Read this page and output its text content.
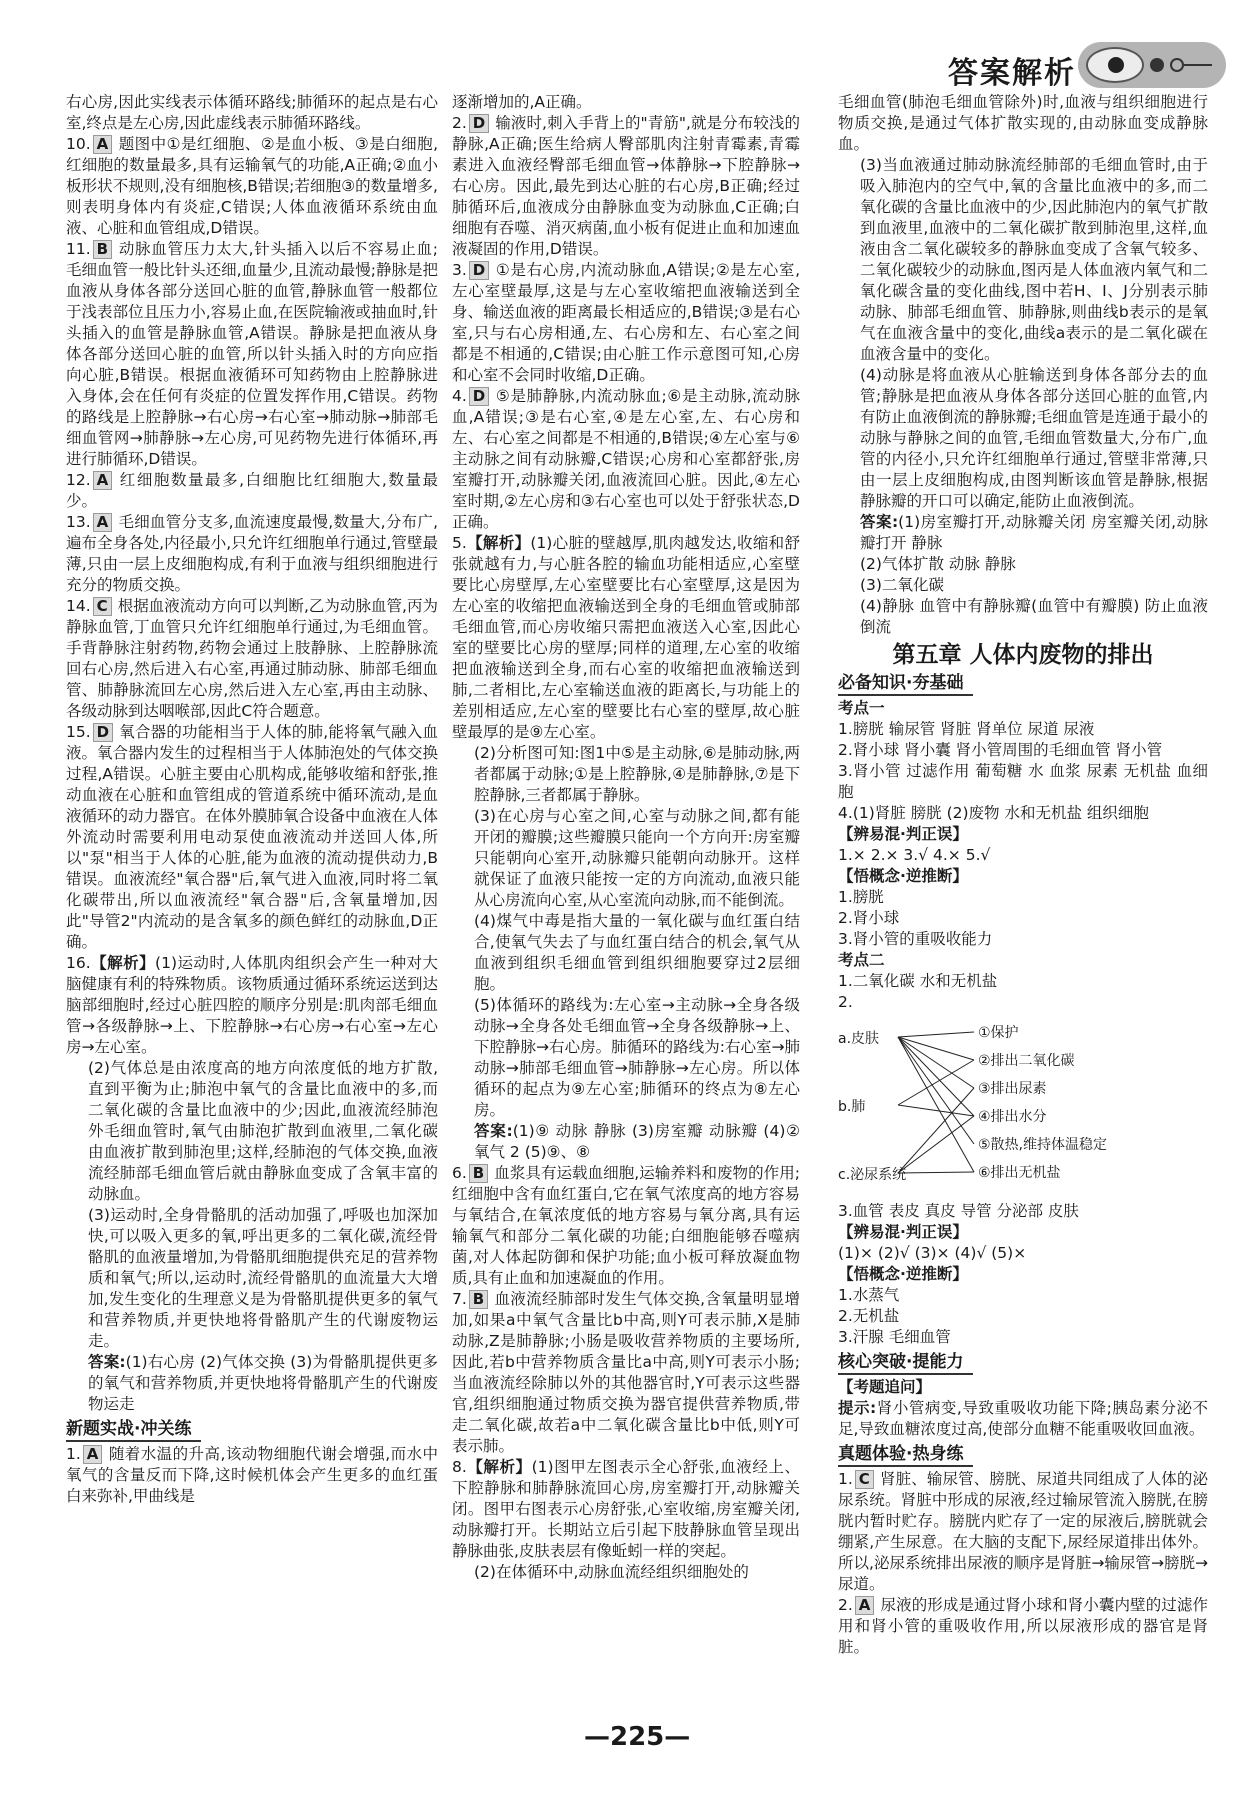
答案解析
右心房,因此实线表示体循环路线;肺循环的起点是右心室,终点是左心房,因此虚线表示肺循环路线。
10. A 题图中①是红细胞、②是血小板、③是白细胞,红细胞的数量最多,具有运输氧气的功能,A正确;②血小板形状不规则,没有细胞核,B错误;若细胞③的数量增多,则表明身体内有炎症,C错误;人体血液循环系统由血液、心脏和血管组成,D错误。
11. B 动脉血管压力太大,针头插入以后不容易止血;毛细血管一般比针头还细,血量少,且流动最慢;静脉是把血液从身体各部分送回心脏的血管,静脉血管一般都位于浅表部位且压力小,容易止血,在医院输液或抽血时,针头插入的血管是静脉血管,A错误。静脉是把血液从身体各部分送回心脏的血管,所以针头插入时的方向应指向心脏,B错误。根据血液循环可知药物由上腔静脉进入身体,会在任何有炎症的位置发挥作用,C错误。药物的路线是上腔静脉→右心房→右心室→肺动脉→肺部毛细血管网→肺静脉→左心房,可见药物先进行体循环,再进行肺循环,D错误。
12. A 红细胞数量最多,白细胞比红细胞大,数量最少。
13. A 毛细血管分支多,血流速度最慢,数量大,分布广,遍布全身各处,内径最小,只允许红细胞单行通过,管壁最薄,只由一层上皮细胞构成,有利于血液与组织细胞进行充分的物质交换。
14. C 根据血液流动方向可以判断,乙为动脉血管,丙为静脉血管,丁血管只允许红细胞单行通过,为毛细血管。手背静脉注射药物,药物会通过上肢静脉、上腔静脉流回右心房,然后进入右心室,再通过肺动脉、肺部毛细血管、肺静脉流回左心房,然后进入左心室,再由主动脉、各级动脉到达咽喉部,因此C符合题意。
15. D 氧合器的功能相当于人体的肺,能将氧气融入血液。氧合器内发生的过程相当于人体肺泡处的气体交换过程,A错误。心脏主要由心肌构成,能够收缩和舒张,推动血液在心脏和血管组成的管道系统中循环流动,是血液循环的动力器官。在体外膜肺氧合设备中血液在人体外流动时需要利用电动泵使血液流动并送回人体,所以"泵"相当于人体的心脏,能为血液的流动提供动力,B错误。血液流经"氧合器"后,氧气进入血液,同时将二氧化碳带出,所以血液流经"氧合器"后,含氧量增加,因此"导管2"内流动的是含氧多的颜色鲜红的动脉血,D正确。
16.【解析】(1)运动时,人体肌肉组织会产生一种对大脑健康有利的特殊物质。该物质通过循环系统运送到达脑部细胞时,经过心脏四腔的顺序分别是:肌肉部毛细血管→各级静脉→上、下腔静脉→右心房→右心室→左心房→左心室。
(2)气体总是由浓度高的地方向浓度低的地方扩散,直到平衡为止;肺泡中氧气的含量比血液中的多,而二氧化碳的含量比血液中的少;因此,血液流经肺泡外毛细血管时,氧气由肺泡扩散到血液里,二氧化碳由血液扩散到肺泡里;这样,经肺泡的气体交换,血液流经肺部毛细血管后就由静脉血变成了含氧丰富的动脉血。
(3)运动时,全身骨骼肌的活动加强了,呼吸也加深加快,可以吸入更多的氧,呼出更多的二氧化碳,流经骨骼肌的血液量增加,为骨骼肌细胞提供充足的营养物质和氧气;所以,运动时,流经骨骼肌的血流量大大增加,发生变化的生理意义是为骨骼肌提供更多的氧气和营养物质,并更快地将骨骼肌产生的代谢废物运走。
答案:(1)右心房 (2)气体交换 (3)为骨骼肌提供更多的氧气和营养物质,并更快地将骨骼肌产生的代谢废物运走
新题实战·冲关练
1. A 随着水温的升高,该动物细胞代谢会增强,而水中氧气的含量反而下降,这时候机体会产生更多的血红蛋白来弥补,甲曲线是
逐渐增加的,A正确。
2. D 输液时,刺入手背上的"青筋",就是分布较浅的静脉,A正确;医生给病人臀部肌肉注射青霉素,青霉素进入血液经臀部毛细血管→体静脉→下腔静脉→右心房。因此,最先到达心脏的右心房,B正确;经过肺循环后,血液成分由静脉血变为动脉血,C正确;白细胞有吞噬、消灭病菌,血小板有促进止血和加速血液凝固的作用,D错误。
3. D ①是右心房,内流动脉血,A错误;②是左心室,左心室壁最厚,这是与左心室收缩把血液输送到全身、输送血液的距离最长相适应的,B错误;③是右心室,只与右心房相通,左、右心房和左、右心室之间都是不相通的,C错误;由心脏工作示意图可知,心房和心室不会同时收缩,D正确。
4. D ⑤是肺静脉,内流动脉血;⑥是主动脉,流动脉血,A错误;③是右心室,④是左心室,左、右心房和左、右心室之间都是不相通的,B错误;④左心室与⑥主动脉之间有动脉瓣,C错误;心房和心室都舒张,房室瓣打开,动脉瓣关闭,血液流回心脏。因此,④左心室时期,②左心房和③右心室也可以处于舒张状态,D正确。
5.【解析】(1)心脏的壁越厚,肌肉越发达,收缩和舒张就越有力,与心脏各腔的输血功能相适应,心室壁要比心房壁厚,左心室壁要比右心室壁厚,这是因为左心室的收缩把血液输送到全身的毛细血管或肺部毛细血管,而心房收缩只需把血液送入心室,因此心室的壁要比心房的壁厚;同样的道理,左心室的收缩把血液输送到全身,而右心室的收缩把血液输送到肺,二者相比,左心室输送血液的距离长,与功能上的差别相适应,左心室的壁要比右心室的壁厚,故心脏壁最厚的是⑨左心室。
(2)分析图可知:图1中⑤是主动脉,⑥是肺动脉,两者都属于动脉;①是上腔静脉,④是肺静脉,⑦是下腔静脉,三者都属于静脉。
(3)在心房与心室之间,心室与动脉之间,都有能开闭的瓣膜;这些瓣膜只能向一个方向开:房室瓣只能朝向心室开,动脉瓣只能朝向动脉开。这样就保证了血液只能按一定的方向流动,血液只能从心房流向心室,从心室流向动脉,而不能倒流。
(4)煤气中毒是指大量的一氧化碳与血红蛋白结合,使氧气失去了与血红蛋白结合的机会,氧气从血液到组织毛细血管到组织细胞要穿过2层细胞。
(5)体循环的路线为:左心室→主动脉→全身各级动脉→全身各处毛细血管→全身各级静脉→上、下腔静脉→右心房。肺循环的路线为:右心室→肺动脉→肺部毛细血管→肺静脉→左心房。所以体循环的起点为⑨左心室;肺循环的终点为⑧左心房。
答案:(1)⑨ 动脉 静脉 (3)房室瓣 动脉瓣 (4)② 氧气 2 (5)⑨、⑧
6. B 血浆具有运载血细胞,运输养料和废物的作用;红细胞中含有血红蛋白,它在氧气浓度高的地方容易与氧结合,在氧浓度低的地方容易与氧分离,具有运输氧气和部分二氧化碳的功能;白细胞能够吞噬病菌,对人体起防御和保护功能;血小板可释放凝血物质,具有止血和加速凝血的作用。
7. B 血液流经肺部时发生气体交换,含氧量明显增加,如果a中氧气含量比b中高,则Y可表示肺,X是肺动脉,Z是肺静脉;小肠是吸收营养物质的主要场所,因此,若b中营养物质含量比a中高,则Y可表示小肠;当血液流经除肺以外的其他器官时,Y可表示这些器官,组织细胞通过物质交换为器官提供营养物质,带走二氧化碳,故若a中二氧化碳含量比b中低,则Y可表示肺。
8.【解析】(1)图甲左图表示全心舒张,血液经上、下腔静脉和肺静脉流回心房,房室瓣打开,动脉瓣关闭。图甲右图表示心房舒张,心室收缩,房室瓣关闭,动脉瓣打开。长期站立后引起下肢静脉血管呈现出静脉曲张,皮肤表层有像蚯蚓一样的突起。
(2)在体循环中,动脉血流经组织细胞处的
毛细血管(肺泡毛细血管除外)时,血液与组织细胞进行物质交换,是通过气体扩散实现的,由动脉血变成静脉血。
(3)当血液通过肺动脉流经肺部的毛细血管时,由于吸入肺泡内的空气中,氧的含量比血液中的多,而二氧化碳的含量比血液中的少,因此肺泡内的氧气扩散到血液里,血液中的二氧化碳扩散到肺泡里,这样,血液由含二氧化碳较多的静脉血变成了含氧气较多、二氧化碳较少的动脉血,图丙是人体血液内氧气和二氧化碳含量的变化曲线,图中若H、I、J分别表示肺动脉、肺部毛细血管、肺静脉,则曲线b表示的是氧气在血液含量中的变化,曲线a表示的是二氧化碳在血液含量中的变化。
(4)动脉是将血液从心脏输送到身体各部分去的血管;静脉是把血液从身体各部分送回心脏的血管,内有防止血液倒流的静脉瓣;毛细血管是连通于最小的动脉与静脉之间的血管,毛细血管数量大,分布广,血管的内径小,只允许红细胞单行通过,管壁非常薄,只由一层上皮细胞构成,由图判断该血管是静脉,根据静脉瓣的开口可以确定,能防止血液倒流。
答案:(1)房室瓣打开,动脉瓣关闭 房室瓣关闭,动脉瓣打开 静脉
(2)气体扩散 动脉 静脉
(3)二氧化碳
(4)静脉 血管中有静脉瓣(血管中有瓣膜) 防止血液倒流
第五章 人体内废物的排出
必备知识·夯基础
考点一
1.膀胱 输尿管 肾脏 肾单位 尿道 尿液
2.肾小球 肾小囊 肾小管周围的毛细血管 肾小管
3.肾小管 过滤作用 葡萄糖 水 血浆 尿素 无机盐 血细胞
4.(1)肾脏 膀胱 (2)废物 水和无机盐 组织细胞
【辨易混·判正误】
1.× 2.× 3.√ 4.× 5.√
【悟概念·逆推断】
1.膀胱
2.肾小球
3.肾小管的重吸收能力
考点二
1.二氧化碳 水和无机盐
2.
a.皮肤
b.肺
c.泌尿系统
①保护
②排出二氧化碳
③排出尿素
④排出水分
⑤散热,维持体温稳定
⑥排出无机盐
3.血管 表皮 真皮 导管 分泌部 皮肤
【辨易混·判正误】
(1)× (2)√ (3)× (4)√ (5)×
【悟概念·逆推断】
1.水蒸气
2.无机盐
3.汗腺 毛细血管
核心突破·提能力
【考题追问】
提示:肾小管病变,导致重吸收功能下降;胰岛素分泌不足,导致血糖浓度过高,使部分血糖不能重吸收回血液。
真题体验·热身练
1. C 肾脏、输尿管、膀胱、尿道共同组成了人体的泌尿系统。肾脏中形成的尿液,经过输尿管流入膀胱,在膀胱内暂时贮存。膀胱内贮存了一定的尿液后,膀胱就会绷紧,产生尿意。在大脑的支配下,尿经尿道排出体外。所以,泌尿系统排出尿液的顺序是肾脏→输尿管→膀胱→尿道。
2. A 尿液的形成是通过肾小球和肾小囊内壁的过滤作用和肾小管的重吸收作用,所以尿液形成的器官是肾脏。
—225—
